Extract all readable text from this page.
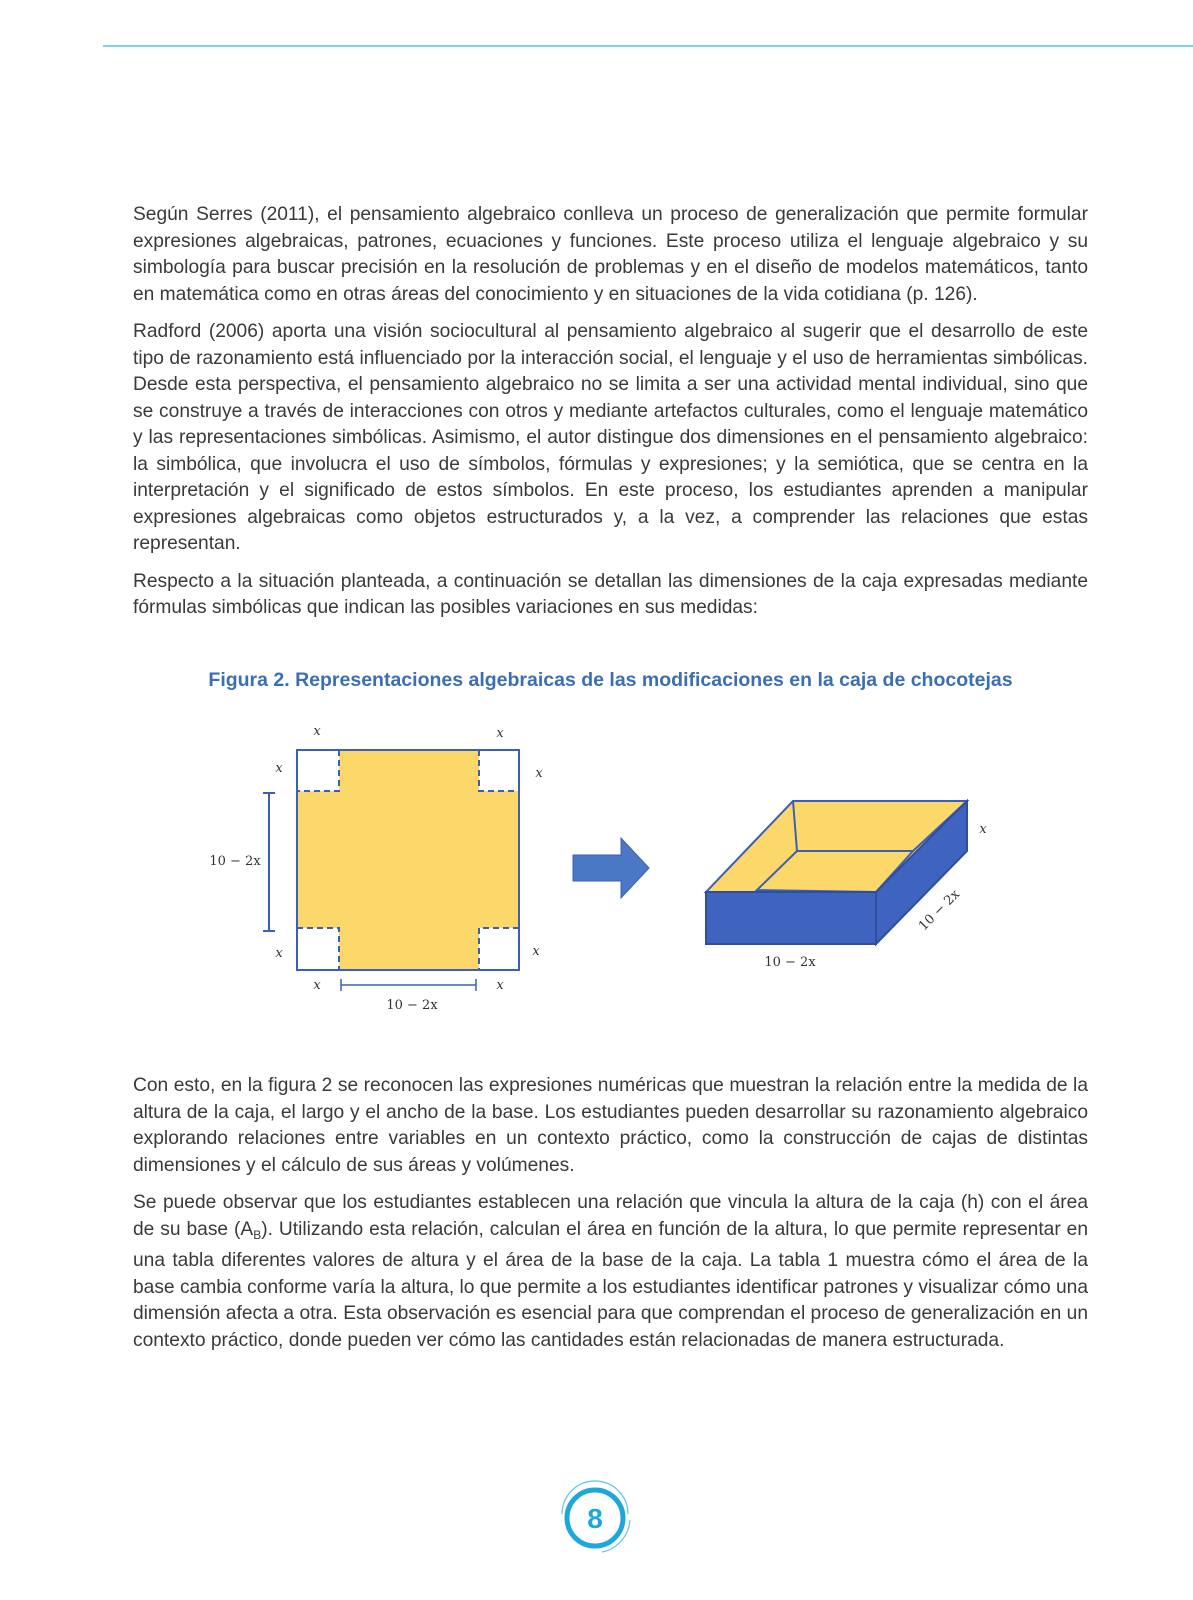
Según Serres (2011), el pensamiento algebraico conlleva un proceso de generalización que permite formular expresiones algebraicas, patrones, ecuaciones y funciones. Este proceso utiliza el lenguaje algebraico y su simbología para buscar precisión en la resolución de problemas y en el diseño de modelos matemáticos, tanto en matemática como en otras áreas del conocimiento y en situaciones de la vida cotidiana (p. 126).

Radford (2006) aporta una visión sociocultural al pensamiento algebraico al sugerir que el desarrollo de este tipo de razonamiento está influenciado por la interacción social, el lenguaje y el uso de herramientas simbólicas. Desde esta perspectiva, el pensamiento algebraico no se limita a ser una actividad mental individual, sino que se construye a través de interacciones con otros y mediante artefactos culturales, como el lenguaje matemático y las representaciones simbólicas. Asimismo, el autor distingue dos dimensiones en el pensamiento algebraico: la simbólica, que involucra el uso de símbolos, fórmulas y expresiones; y la semiótica, que se centra en la interpretación y el significado de estos símbolos. En este proceso, los estudiantes aprenden a manipular expresiones algebraicas como objetos estructurados y, a la vez, a comprender las relaciones que estas representan.

Respecto a la situación planteada, a continuación se detallan las dimensiones de la caja expresadas mediante fórmulas simbólicas que indican las posibles variaciones en sus medidas:

Figura 2. Representaciones algebraicas de las modificaciones en la caja de chocotejas

x	x
x	x
x	x
x	x
10 − 2x
10 − 2x
x
10 − 2x
10 − 2x

Con esto, en la figura 2 se reconocen las expresiones numéricas que muestran la relación entre la medida de la altura de la caja, el largo y el ancho de la base. Los estudiantes pueden desarrollar su razonamiento algebraico explorando relaciones entre variables en un contexto práctico, como la construcción de cajas de distintas dimensiones y el cálculo de sus áreas y volúmenes.

Se puede observar que los estudiantes establecen una relación que vincula la altura de la caja (h) con el área de su base $(A_B)$. Utilizando esta relación, calculan el área en función de la altura, lo que permite representar en una tabla diferentes valores de altura y el área de la base de la caja. La tabla 1 muestra cómo el área de la base cambia conforme varía la altura, lo que permite a los estudiantes identificar patrones y visualizar cómo una dimensión afecta a otra. Esta observación es esencial para que comprendan el proceso de generalización en un contexto práctico, donde pueden ver cómo las cantidades están relacionadas de manera estructurada.

8
